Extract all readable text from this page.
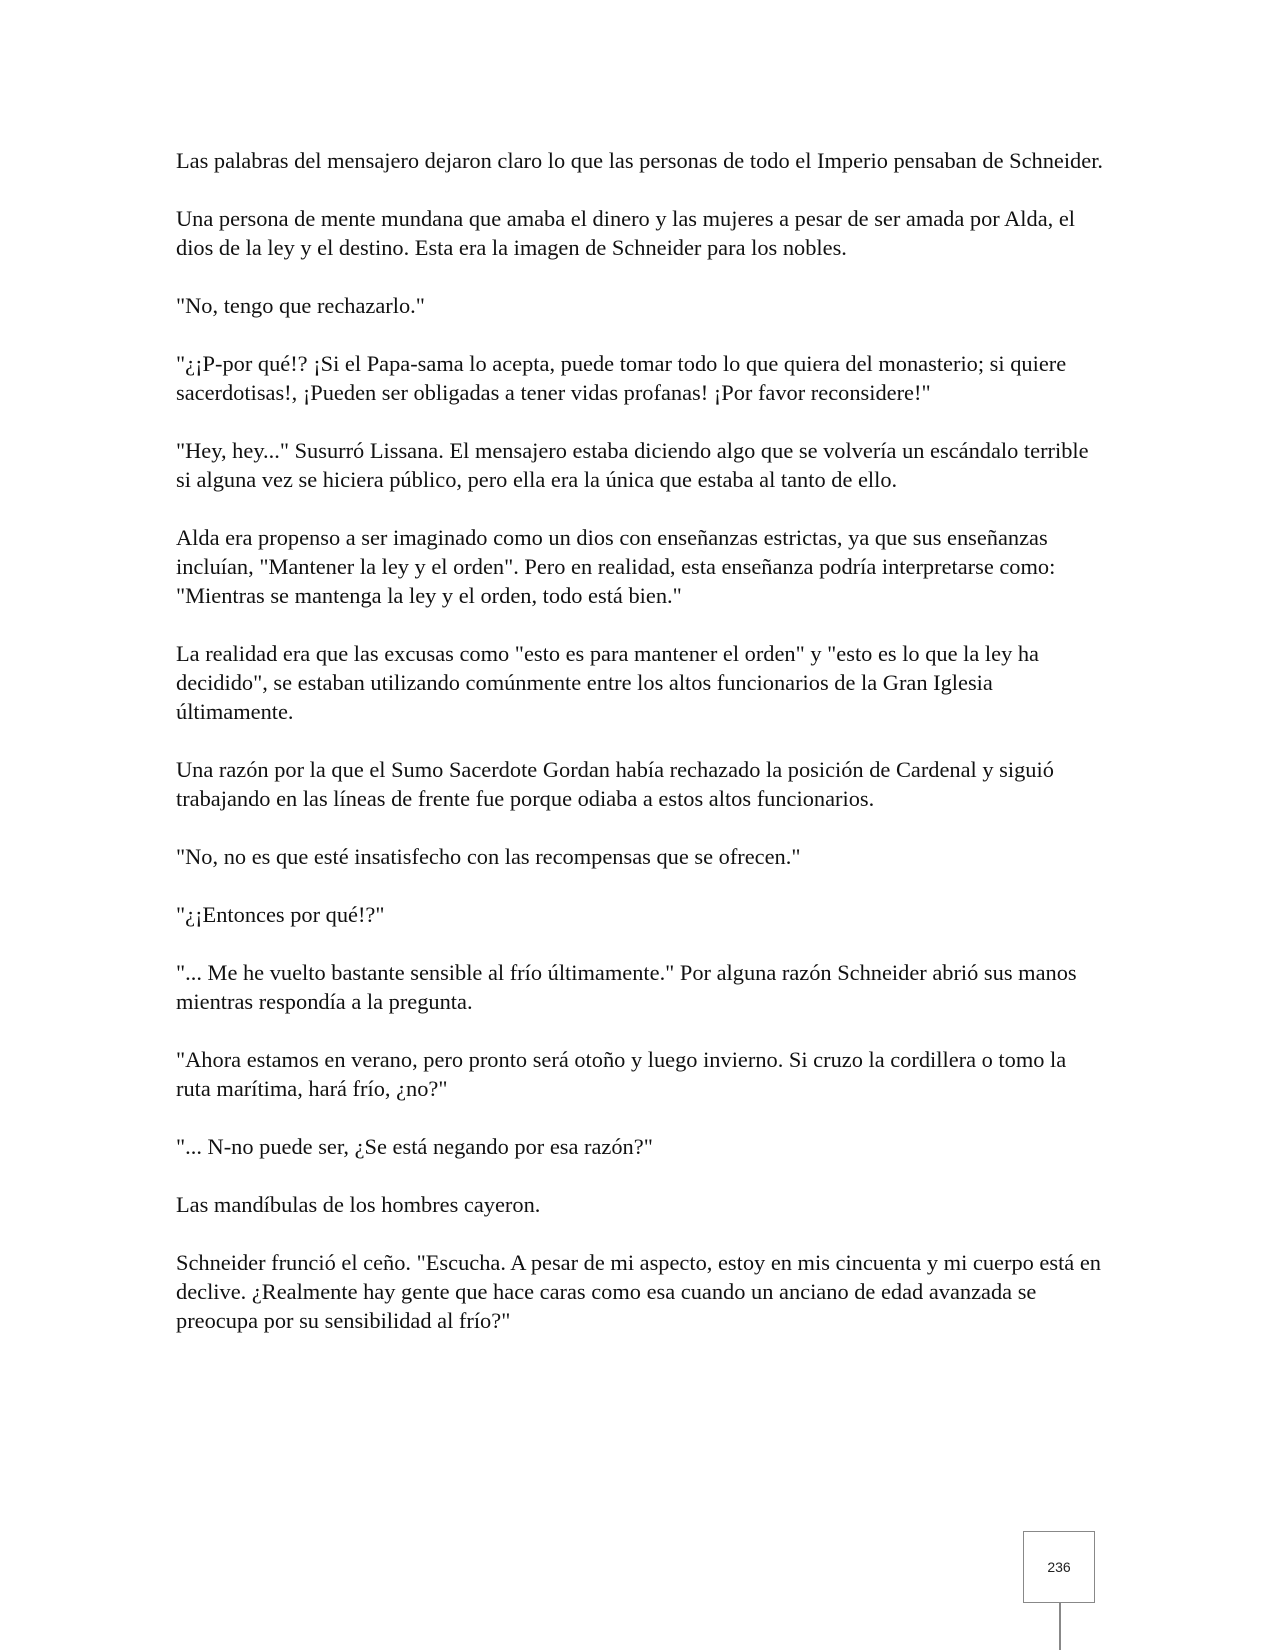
Las palabras del mensajero dejaron claro lo que las personas de todo el Imperio pensaban de Schneider.

Una persona de mente mundana que amaba el dinero y las mujeres a pesar de ser amada por Alda, el dios de la ley y el destino. Esta era la imagen de Schneider para los nobles.

"No, tengo que rechazarlo."

"¿¡P-por qué!? ¡Si el Papa-sama lo acepta, puede tomar todo lo que quiera del monasterio; si quiere sacerdotisas!, ¡Pueden ser obligadas a tener vidas profanas! ¡Por favor reconsidere!"

"Hey, hey..." Susurró Lissana. El mensajero estaba diciendo algo que se volvería un escándalo terrible si alguna vez se hiciera público, pero ella era la única que estaba al tanto de ello.

Alda era propenso a ser imaginado como un dios con enseñanzas estrictas, ya que sus enseñanzas incluían, "Mantener la ley y el orden". Pero en realidad, esta enseñanza podría interpretarse como: "Mientras se mantenga la ley y el orden, todo está bien."

La realidad era que las excusas como "esto es para mantener el orden" y "esto es lo que la ley ha decidido", se estaban utilizando comúnmente entre los altos funcionarios de la Gran Iglesia últimamente.

Una razón por la que el Sumo Sacerdote Gordan había rechazado la posición de Cardenal y siguió trabajando en las líneas de frente fue porque odiaba a estos altos funcionarios.

"No, no es que esté insatisfecho con las recompensas que se ofrecen."

"¿¡Entonces por qué!?"

"... Me he vuelto bastante sensible al frío últimamente." Por alguna razón Schneider abrió sus manos mientras respondía a la pregunta.

"Ahora estamos en verano, pero pronto será otoño y luego invierno. Si cruzo la cordillera o tomo la ruta marítima, hará frío, ¿no?"

"... N-no puede ser, ¿Se está negando por esa razón?"

Las mandíbulas de los hombres cayeron.

Schneider frunció el ceño. "Escucha. A pesar de mi aspecto, estoy en mis cincuenta y mi cuerpo está en declive. ¿Realmente hay gente que hace caras como esa cuando un anciano de edad avanzada se preocupa por su sensibilidad al frío?"

236
